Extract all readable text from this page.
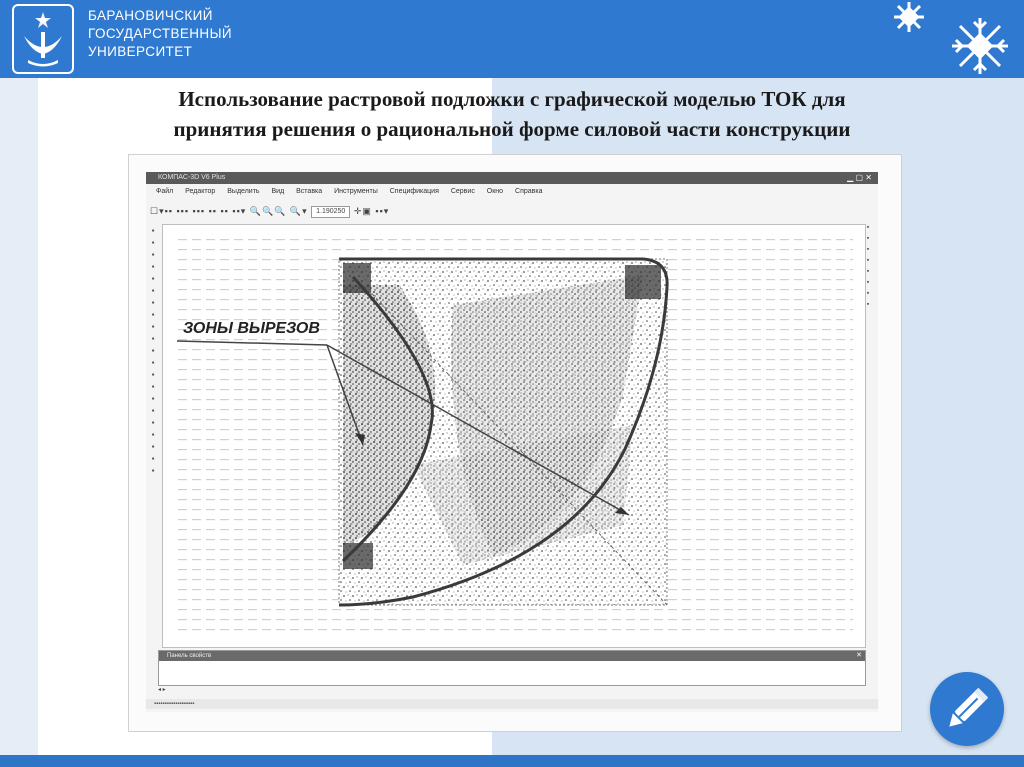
БАРАНОВИЧСКИЙ
ГОСУДАРСТВЕННЫЙ
УНИВЕРСИТЕТ
Использование растровой подложки с графической моделью ТОК для
принятия решения о рациональной форме силовой части конструкции
КОМПАС-3D V6 Plus	▁ ▢ ✕
Файл Редактор Выделить Вид Вставка Инструменты Спецификация Сервис Окно Справка
☐▾▪▪ ▪▪▪ ▪▪▪ ▪▪ ▪▪ ▪▪▾ 🔍🔍🔍 🔍▾ 1.190250 ✛▣ ▪▪▾
▪
▪
▪
▪
▪
▪
▪
▪
▪
▪
▪
▪
▪
▪
▪
▪
▪
▪
▪
▪
▪
▪
▪
▪
▪
▪
▪
▪
▪
ЗОНЫ ВЫРЕЗОВ
Панель свойств	✕
◂ ▸
▪▪▪▪▪▪▪▪▪▪▪▪▪▪▪▪▪▪▪
